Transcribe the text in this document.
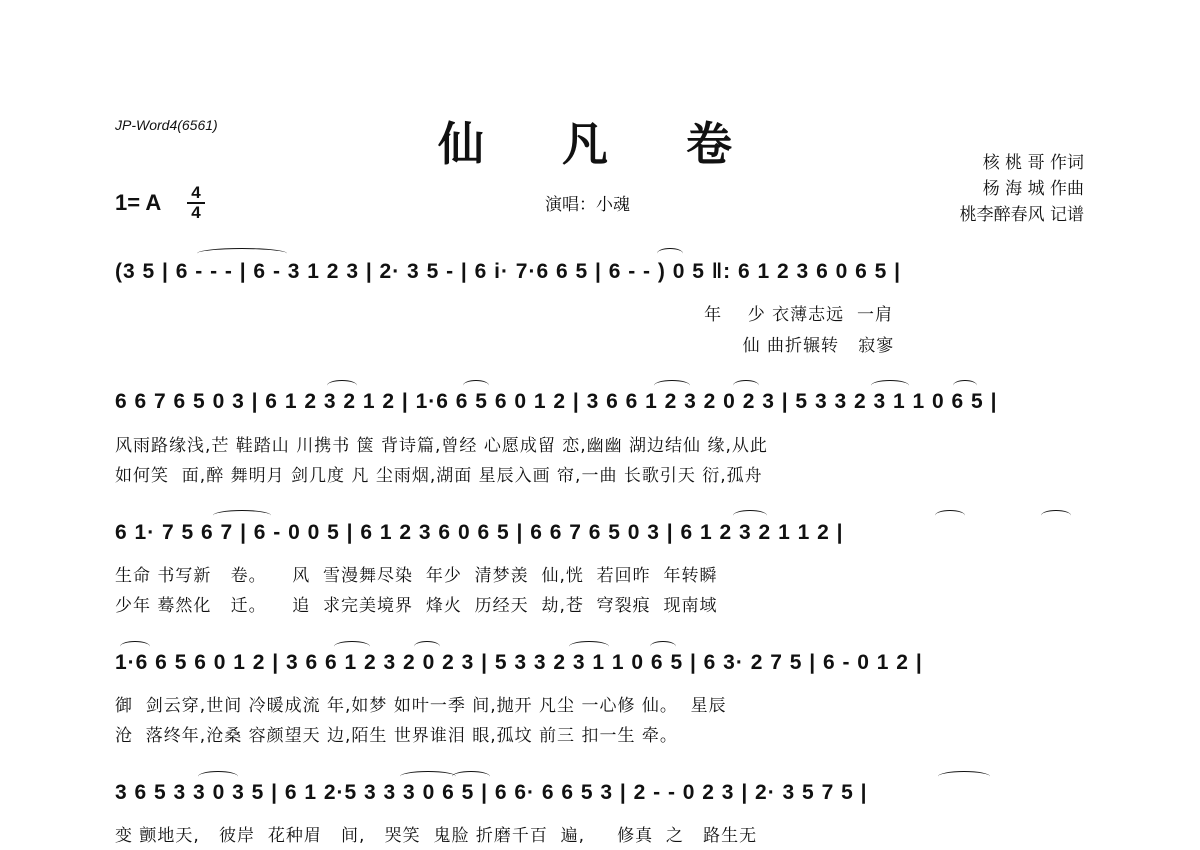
JP-Word4(6561)	仙凡卷
1= A	4
4	演唱：小魂
核 桃 哥 作词
杨 海 城 作曲
桃李醉春风 记谱
(3 5 | 6 - - - | 6 - 3 1 2 3 | 2· 3 5 - | 6 i· 7·6 6 5 | 6 - - ) 0 5 ‖: 6 1 2 3 6 0 6 5 |
年    少 衣薄志远  一肩
仙 曲折辗转   寂寥
6 6 7 6 5 0 3 | 6 1 2 3 2 1 2 | 1·6 6 5 6 0 1 2 | 3 6 6 1 2 3 2 0 2 3 | 5 3 3 2 3 1 1 0 6 5 |
风雨路缘浅,芒 鞋踏山 川携书 箧 背诗篇,曾经 心愿成留 恋,幽幽 湖边结仙 缘,从此
如何笑  面,醉 舞明月 剑几度 凡 尘雨烟,湖面 星辰入画 帘,一曲 长歌引天 衍,孤舟
6 1· 7 5 6 7 | 6 - 0 0 5 | 6 1 2 3 6 0 6 5 | 6 6 7 6 5 0 3 | 6 1 2 3 2 1 1 2 |
生命 书写新   卷。    风  雪漫舞尽染  年少  清梦羡  仙,恍  若回昨  年转瞬
少年 蓦然化   迁。    追  求完美境界  烽火  历经天  劫,苍  穹裂痕  现南域
1·6 6 5 6 0 1 2 | 3 6 6 1 2 3 2 0 2 3 | 5 3 3 2 3 1 1 0 6 5 | 6 3· 2 7 5 | 6 - 0 1 2 |
御  剑云穿,世间 冷暖成流 年,如梦 如叶一季 间,抛开 凡尘 一心修 仙。  星辰
沧  落终年,沧桑 容颜望天 边,陌生 世界谁泪 眼,孤坟 前三 扣一生 牵。
3 6 5 3 3 0 3 5 | 6 1 2·5 3 3 3 0 6 5 | 6 6· 6 6 5 3 | 2 - - 0 2 3 | 2· 3 5 7 5 |
变 颤地天,   彼岸  花种眉   间,   哭笑  鬼脸 折磨千百  遍,     修真  之   路生无
